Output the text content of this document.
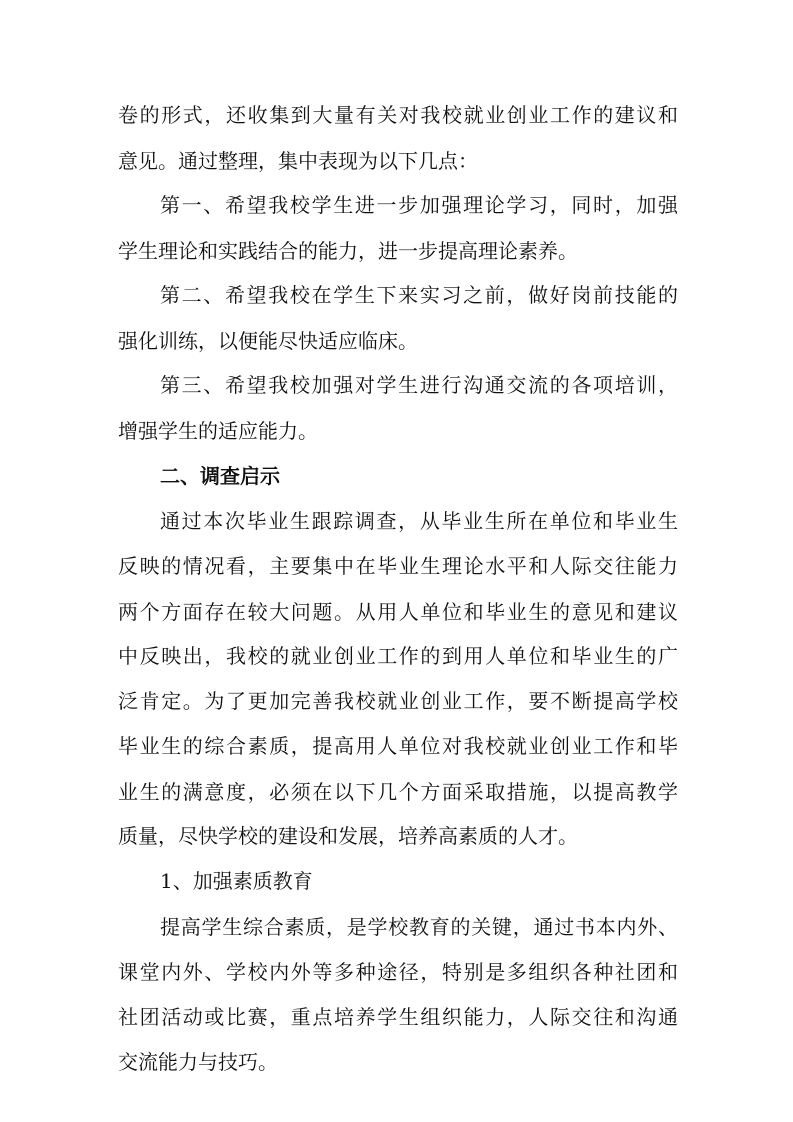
卷的形式，还收集到大量有关对我校就业创业工作的建议和
意见。通过整理，集中表现为以下几点：
第一、希望我校学生进一步加强理论学习，同时，加强
学生理论和实践结合的能力，进一步提高理论素养。
第二、希望我校在学生下来实习之前，做好岗前技能的
强化训练，以便能尽快适应临床。
第三、希望我校加强对学生进行沟通交流的各项培训，
增强学生的适应能力。
二、调查启示
通过本次毕业生跟踪调查，从毕业生所在单位和毕业生
反映的情况看，主要集中在毕业生理论水平和人际交往能力
两个方面存在较大问题。从用人单位和毕业生的意见和建议
中反映出，我校的就业创业工作的到用人单位和毕业生的广
泛肯定。为了更加完善我校就业创业工作，要不断提高学校
毕业生的综合素质，提高用人单位对我校就业创业工作和毕
业生的满意度，必须在以下几个方面采取措施，以提高教学
质量，尽快学校的建设和发展，培养高素质的人才。
1、加强素质教育
提高学生综合素质，是学校教育的关键，通过书本内外、
课堂内外、学校内外等多种途径，特别是多组织各种社团和
社团活动或比赛，重点培养学生组织能力，人际交往和沟通
交流能力与技巧。
